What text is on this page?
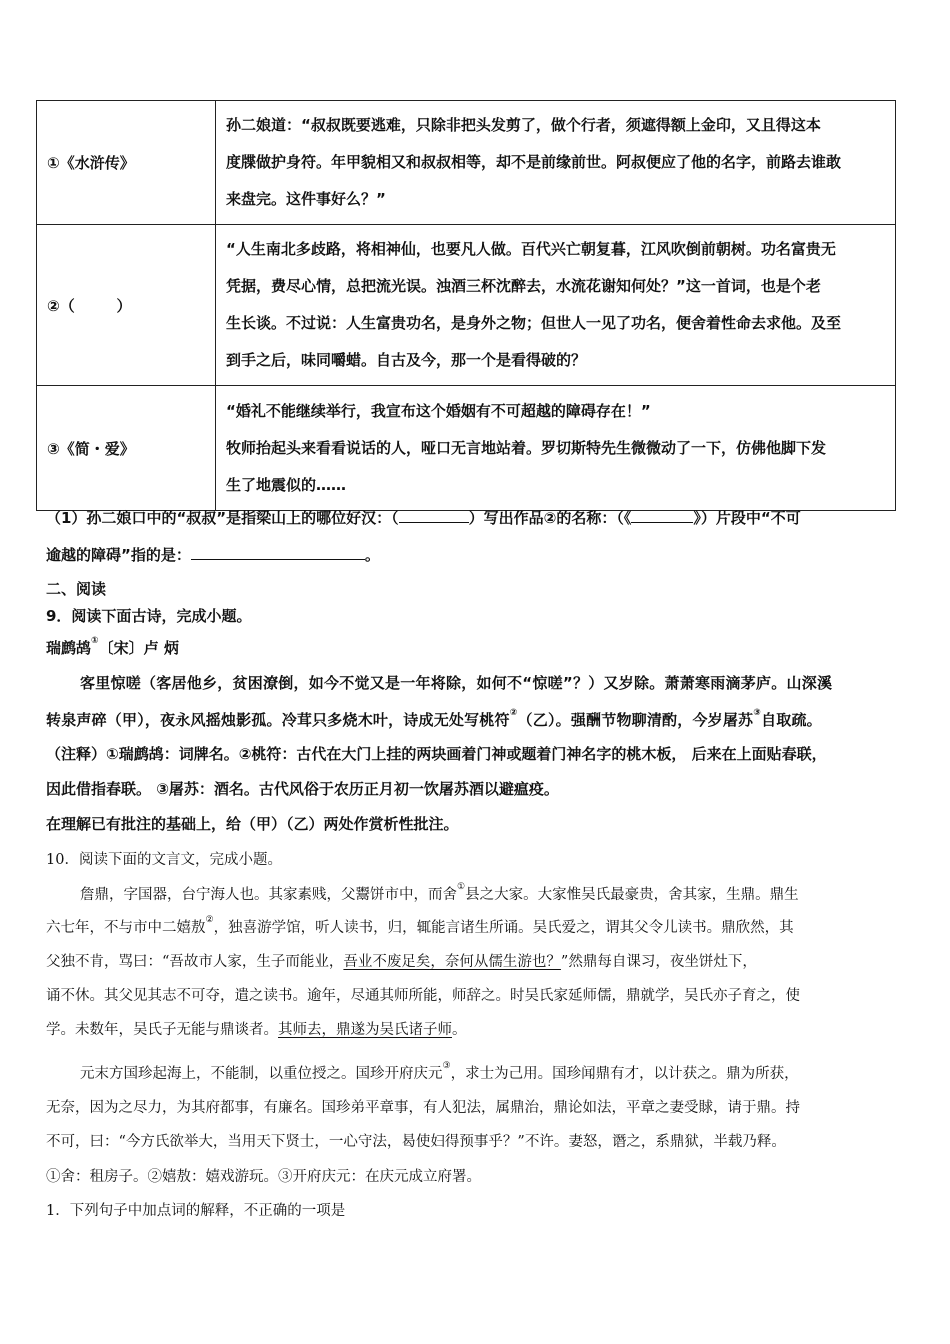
①《水浒传》	孙二娘道：“叔叔既要逃难，只除非把头发剪了，做个行者，须遮得额上金印，又且得这本
度牒做护身符。年甲貌相又和叔叔相等，却不是前缘前世。阿叔便应了他的名字，前路去谁敢
来盘完。这件事好么？”

②（        ）	“人生南北多歧路，将相神仙，也要凡人做。百代兴亡朝复暮，江风吹倒前朝树。功名富贵无
凭据，费尽心情，总把流光误。浊酒三杯沈醉去，水流花谢知何处？”这一首词，也是个老
生长谈。不过说：人生富贵功名，是身外之物；但世人一见了功名，便舍着性命去求他。及至
到手之后，味同嚼蜡。自古及今，那一个是看得破的？

③《简・爱》	“婚礼不能继续举行，我宣布这个婚姻有不可超越的障碍存在！”
牧师抬起头来看看说话的人，哑口无言地站着。罗切斯特先生微微动了一下，仿佛他脚下发
生了地震似的……
（1）孙二娘口中的“叔叔”是指梁山上的哪位好汉：（	）写出作品②的名称：（《	》）片段中“不可
逾越的障碍”指的是：	。
二、阅读
9．阅读下面古诗，完成小题。
瑞鹧鸪①〔宋〕卢 炳
客里惊嗟（客居他乡，贫困潦倒，如今不觉又是一年将除，如何不“惊嗟”？）又岁除。萧萧寒雨滴茅庐。山深溪
转泉声碎（甲），夜永风摇烛影孤。冷茸只多烧木叶，诗成无处写桃符②（乙）。强酬节物聊清酌，今岁屠苏③自取疏。
（注释）①瑞鹧鸪：词牌名。②桃符：古代在大门上挂的两块画着门神或题着门神名字的桃木板， 后来在上面贴春联，
因此借指春联。 ③屠苏：酒名。古代风俗于农历正月初一饮屠苏酒以避瘟疫。
在理解已有批注的基础上，给（甲）（乙）两处作赏析性批注。
10．阅读下面的文言文，完成小题。
詹鼎，字国器，台宁海人也。其家素贱，父鬻饼市中，而舍①县之大家。大家惟吴氏最豪贵，舍其家，生鼎。鼎生
六七年，不与市中二嬉敖②，独喜游学馆，听人读书，归，辄能言诸生所诵。吴氏爱之，谓其父令儿读书。鼎欣然，其
父独不肯，骂曰：“吾故市人家，生子而能业，吾业不废足矣，奈何从儒生游也？”然鼎每自课习，夜坐饼灶下，
诵不休。其父见其志不可夺，遣之读书。逾年，尽通其师所能，师辞之。时吴氏家延师儒，鼎就学，吴氏亦子育之，使
学。未数年，吴氏子无能与鼎谈者。其师去，鼎遂为吴氏诸子师。
元末方国珍起海上，不能制，以重位授之。国珍开府庆元③，求士为己用。国珍闻鼎有才，以计获之。鼎为所获，
无奈，因为之尽力，为其府都事，有廉名。国珍弟平章事，有人犯法，属鼎治，鼎论如法，平章之妻受賕，请于鼎。持
不可，曰：“今方氏欲举大，当用天下贤士，一心守法，曷使妇得预事乎？”不许。妻怒，谮之，系鼎狱，半载乃释。
①舍：租房子。②嬉敖：嬉戏游玩。③开府庆元：在庆元成立府署。
1．下列句子中加点词的解释，不正确的一项是
